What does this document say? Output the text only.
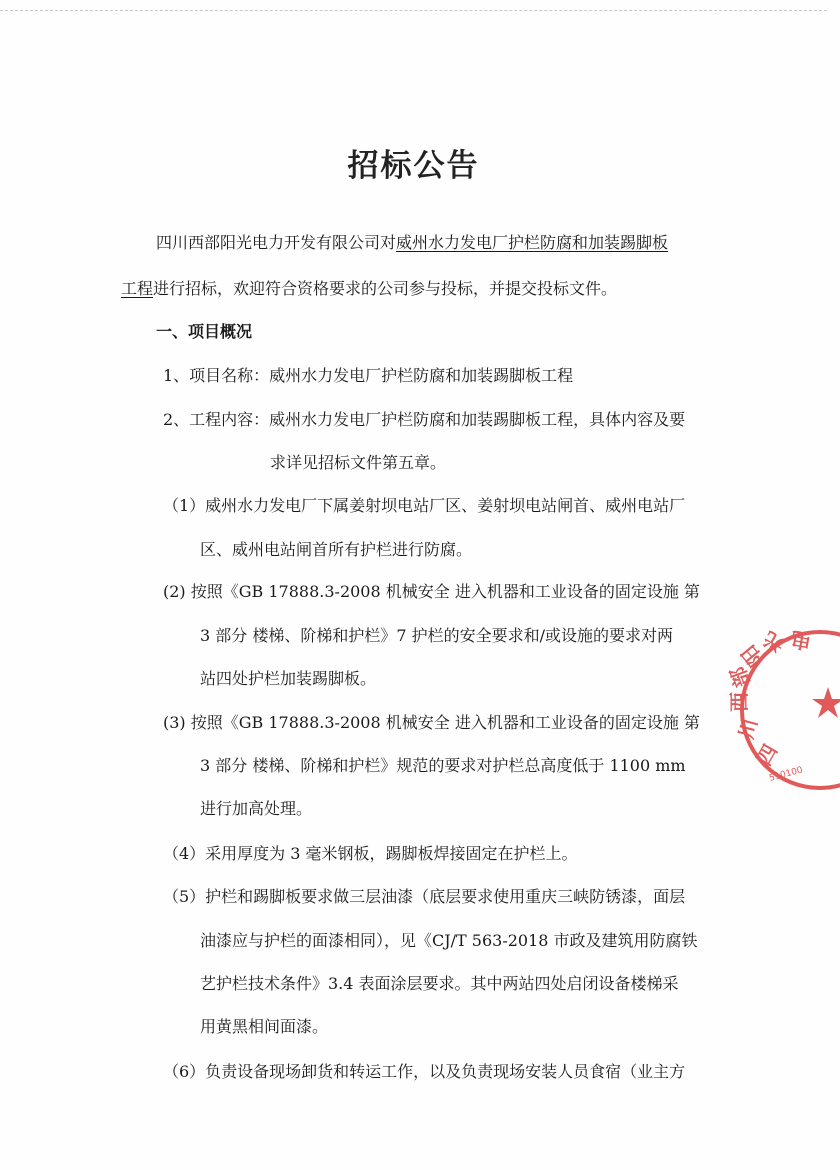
招标公告
四川西部阳光电力开发有限公司对威州水力发电厂护栏防腐和加装踢脚板
工程进行招标，欢迎符合资格要求的公司参与投标，并提交投标文件。
一、项目概况
1、项目名称：威州水力发电厂护栏防腐和加装踢脚板工程
2、工程内容：威州水力发电厂护栏防腐和加装踢脚板工程，具体内容及要
求详见招标文件第五章。
（1）威州水力发电厂下属姜射坝电站厂区、姜射坝电站闸首、威州电站厂
区、威州电站闸首所有护栏进行防腐。
(2) 按照《GB 17888.3-2008 机械安全 进入机器和工业设备的固定设施 第
3 部分 楼梯、阶梯和护栏》7 护栏的安全要求和/或设施的要求对两
站四处护栏加装踢脚板。
(3) 按照《GB 17888.3-2008 机械安全 进入机器和工业设备的固定设施 第
3 部分 楼梯、阶梯和护栏》规范的要求对护栏总高度低于 1100 mm
进行加高处理。
（4）采用厚度为 3 毫米钢板，踢脚板焊接固定在护栏上。
（5）护栏和踢脚板要求做三层油漆（底层要求使用重庆三峡防锈漆，面层
油漆应与护栏的面漆相同），见《CJ/T 563-2018 市政及建筑用防腐铁
艺护栏技术条件》3.4 表面涂层要求。其中两站四处启闭设备楼梯采
用黄黑相间面漆。
（6）负责设备现场卸货和转运工作，以及负责现场安装人员食宿（业主方
四
川
西
部
阳
光 电
510100
